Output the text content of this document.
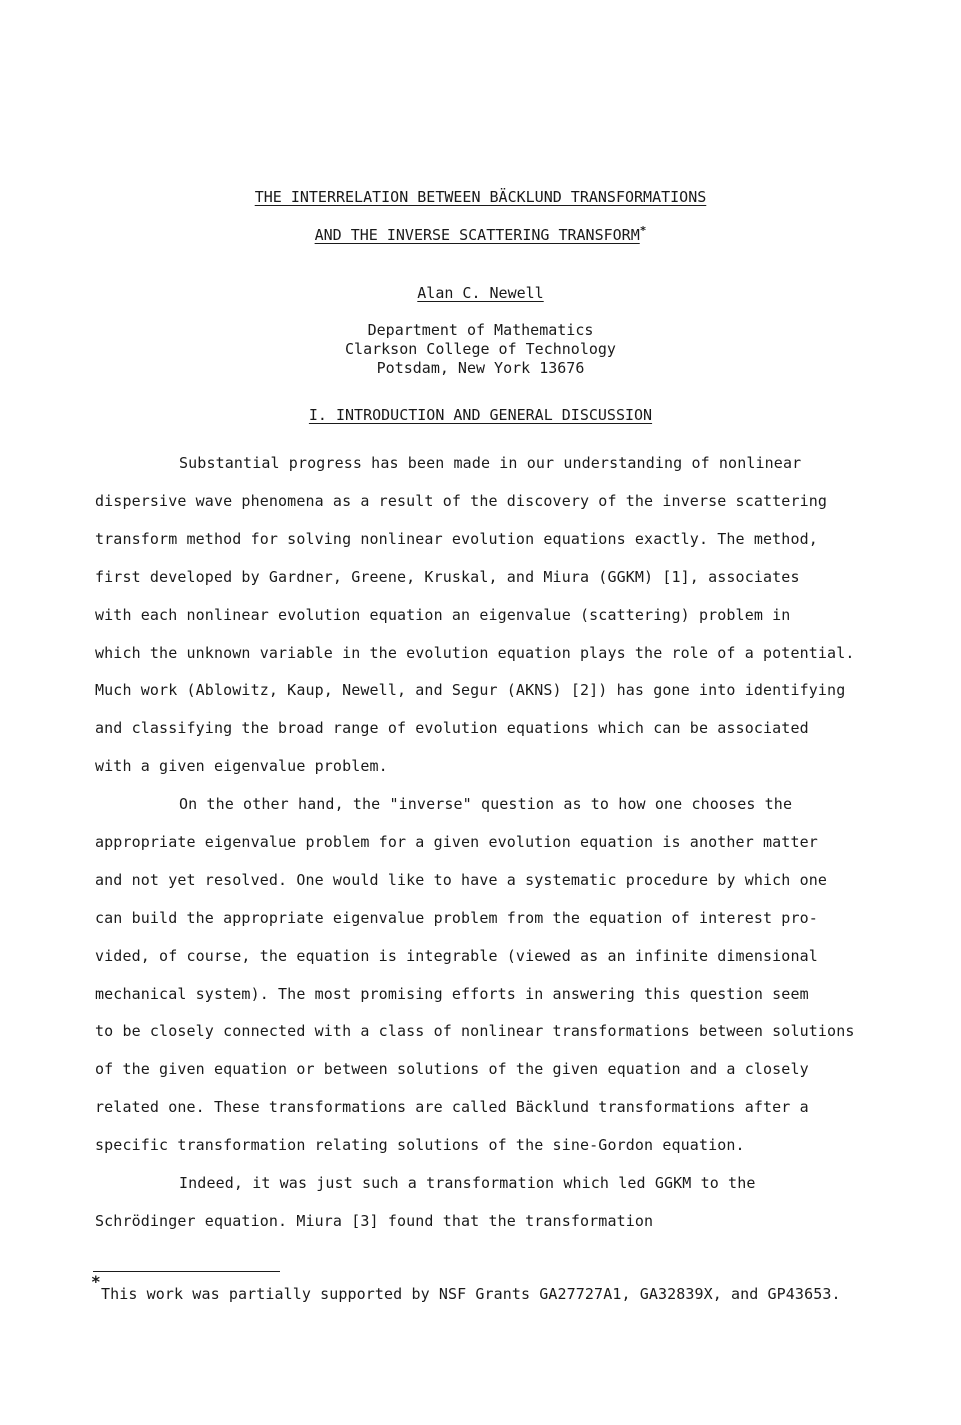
THE INTERRELATION BETWEEN BÄCKLUND TRANSFORMATIONS
AND THE INVERSE SCATTERING TRANSFORM*
Alan C. Newell
Department of Mathematics
Clarkson College of Technology
Potsdam, New York 13676
I. INTRODUCTION AND GENERAL DISCUSSION
Substantial progress has been made in our understanding of nonlinear
dispersive wave phenomena as a result of the discovery of the inverse scattering
transform method for solving nonlinear evolution equations exactly. The method,
first developed by Gardner, Greene, Kruskal, and Miura (GGKM) [1], associates
with each nonlinear evolution equation an eigenvalue (scattering) problem in
which the unknown variable in the evolution equation plays the role of a potential.
Much work (Ablowitz, Kaup, Newell, and Segur (AKNS) [2]) has gone into identifying
and classifying the broad range of evolution equations which can be associated
with a given eigenvalue problem.
On the other hand, the "inverse" question as to how one chooses the
appropriate eigenvalue problem for a given evolution equation is another matter
and not yet resolved. One would like to have a systematic procedure by which one
can build the appropriate eigenvalue problem from the equation of interest pro-
vided, of course, the equation is integrable (viewed as an infinite dimensional
mechanical system). The most promising efforts in answering this question seem
to be closely connected with a class of nonlinear transformations between solutions
of the given equation or between solutions of the given equation and a closely
related one. These transformations are called Bäcklund transformations after a
specific transformation relating solutions of the sine-Gordon equation.
Indeed, it was just such a transformation which led GGKM to the
Schrödinger equation. Miura [3] found that the transformation
*
This work was partially supported by NSF Grants GA27727A1, GA32839X, and GP43653.
